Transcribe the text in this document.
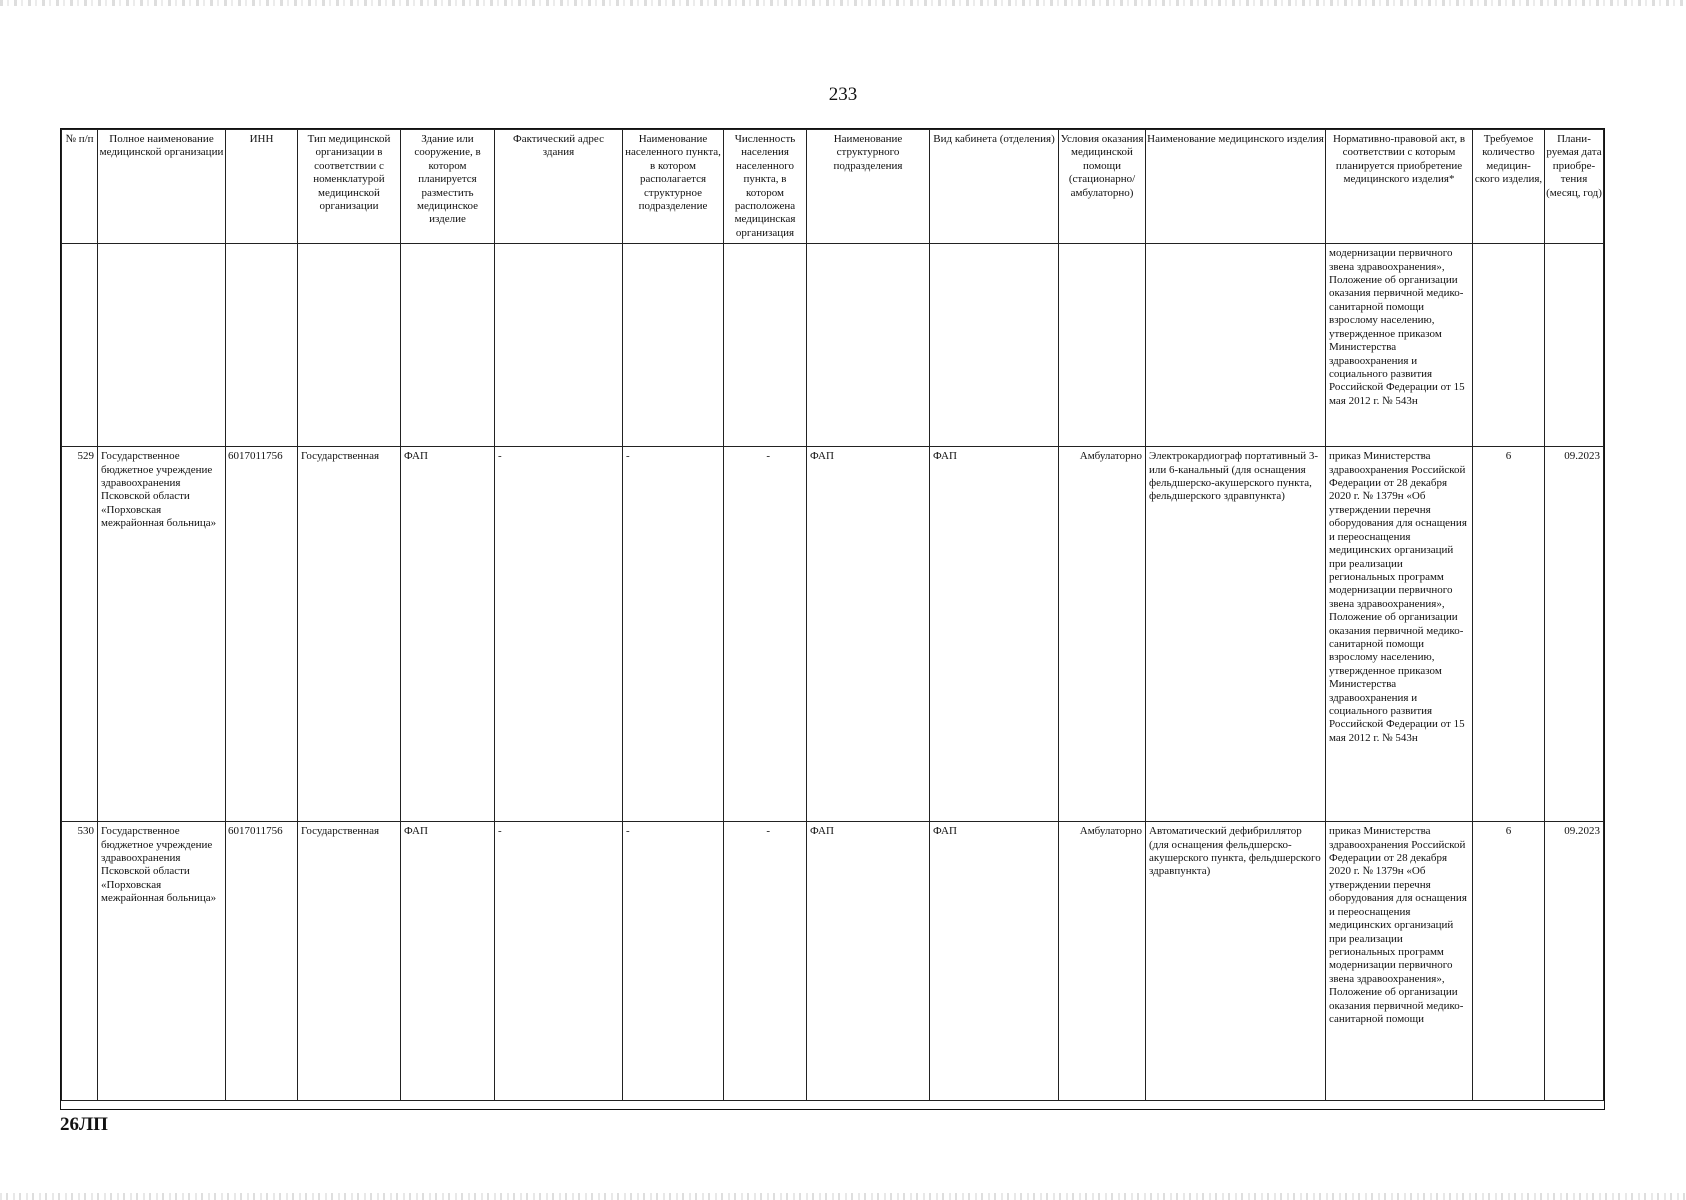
233
№ п/п	Полное наименование медицинской организации	ИНН	Тип медицинской организации в соответствии с номенклатурой медицинской организации	Здание или сооружение, в котором планируется разместить медицинское изделие	Фактический адрес здания	Наименование населенного пункта, в котором располагается структурное подразделение	Численность населения населенного пункта, в котором расположена медицинская организация	Наименование структурного подразделения	Вид кабинета (отделения)	Условия оказания медицинской помощи (стационарно/ амбулаторно)	Наименование медицинского изделия	Нормативно-правовой акт, в соответствии с которым планируется приобретение медицинского изделия*	Требуемое количество медицин-ского изделия,	Плани-руемая дата приобре-тения (месяц, год)
												модернизации первичного звена здравоохранения», Положение об организации оказания первичной медико-санитарной помощи взрослому населению, утвержденное приказом Министерства здравоохранения и социального развития Российской Федерации от 15 мая 2012 г. № 543н		
529	Государственное бюджетное учреждение здравоохранения Псковской области «Порховская межрайонная больница»	6017011756	Государственная	ФАП	-	-	-	ФАП	ФАП	Амбулаторно	Электрокардиограф портативный 3- или 6-канальный (для оснащения фельдшерско-акушерского пункта, фельдшерского здравпункта)	приказ Министерства здравоохранения Российской Федерации от 28 декабря 2020 г. № 1379н «Об утверждении перечня оборудования для оснащения и переоснащения медицинских организаций при реализации региональных программ модернизации первичного звена здравоохранения», Положение об организации оказания первичной медико-санитарной помощи взрослому населению, утвержденное приказом Министерства здравоохранения и социального развития Российской Федерации от 15 мая 2012 г. № 543н	6	09.2023
530	Государственное бюджетное учреждение здравоохранения Псковской области «Порховская межрайонная больница»	6017011756	Государственная	ФАП	-	-	-	ФАП	ФАП	Амбулаторно	Автоматический дефибриллятор (для оснащения фельдшерско-акушерского пункта, фельдшерского здравпункта)	приказ Министерства здравоохранения Российской Федерации от 28 декабря 2020 г. № 1379н «Об утверждении перечня оборудования для оснащения и переоснащения медицинских организаций при реализации региональных программ модернизации первичного звена здравоохранения», Положение об организации оказания первичной медико-санитарной помощи	6	09.2023
26ЛП
